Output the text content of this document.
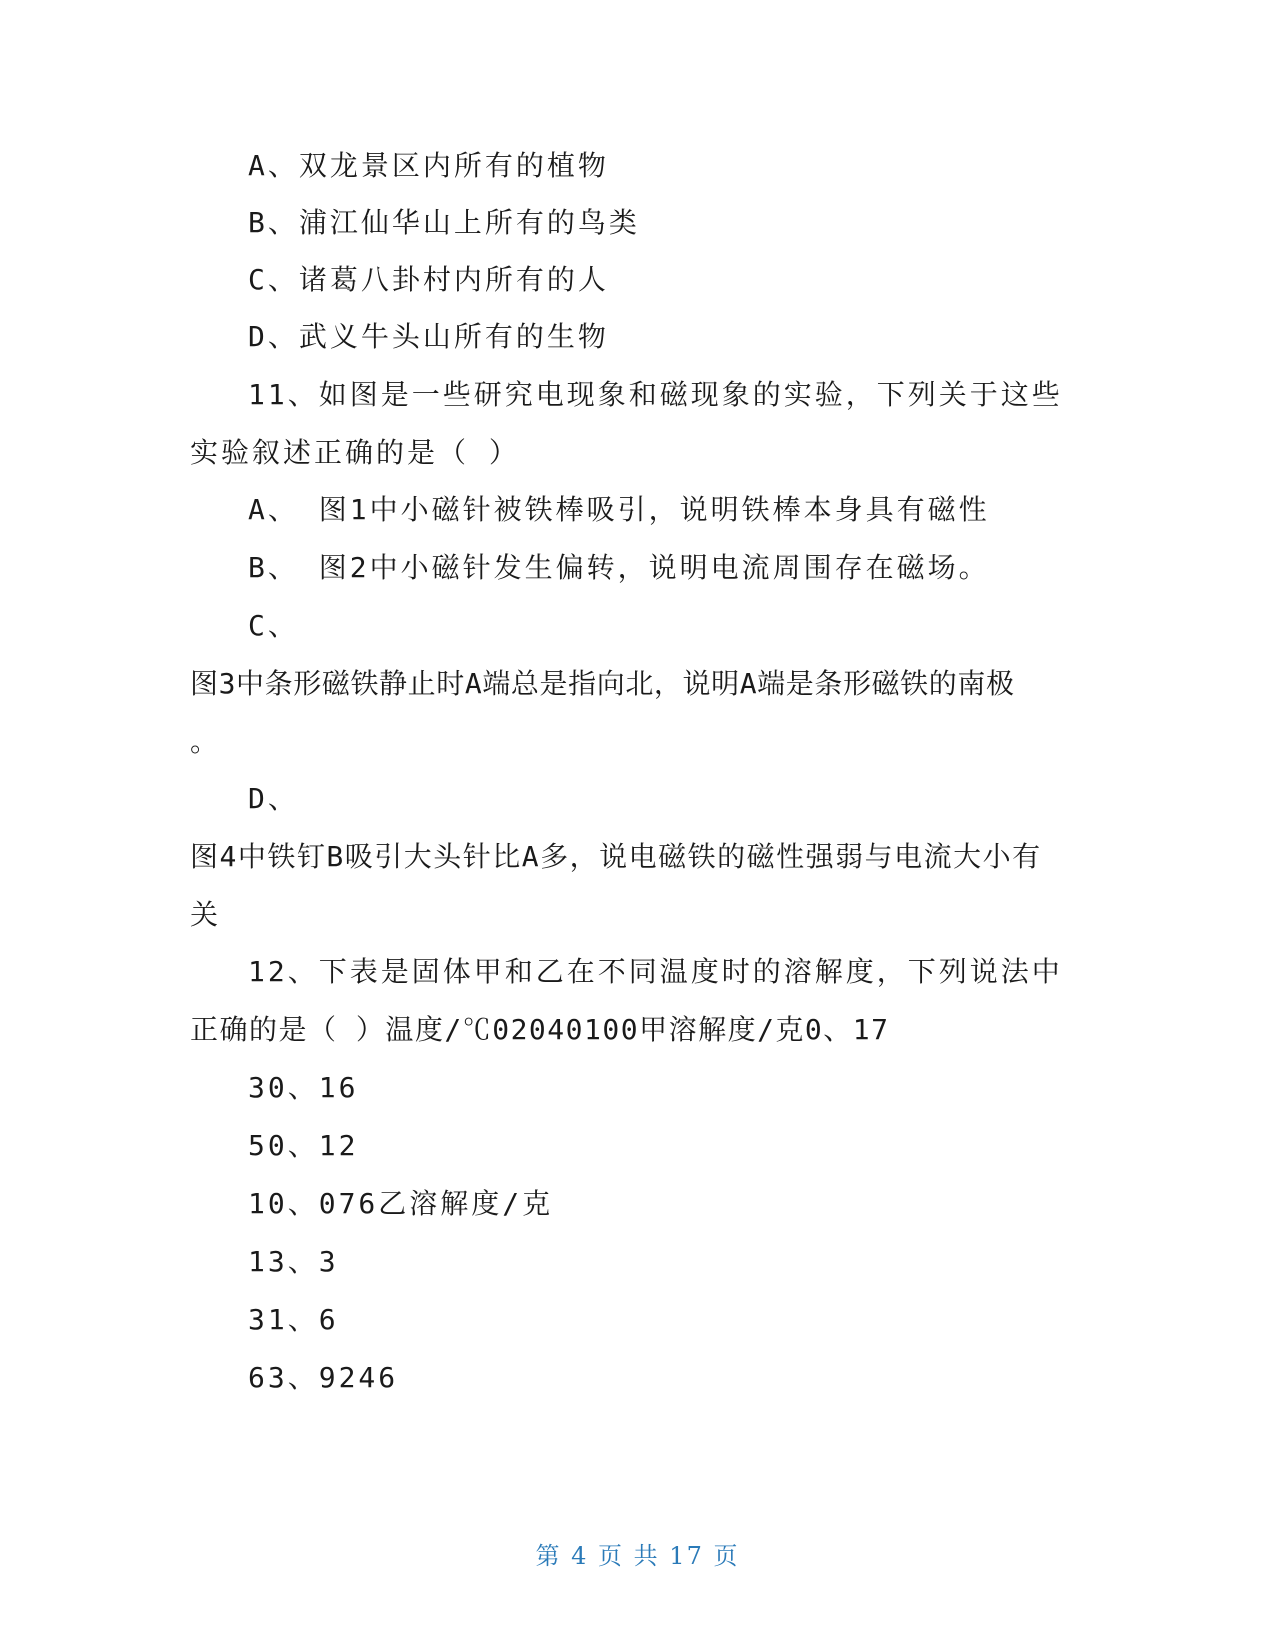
A、双龙景区内所有的植物
B、浦江仙华山上所有的鸟类
C、诸葛八卦村内所有的人
D、武义牛头山所有的生物
11、如图是一些研究电现象和磁现象的实验，下列关于这些
实验叙述正确的是（ ）
A、 图1中小磁针被铁棒吸引，说明铁棒本身具有磁性
B、 图2中小磁针发生偏转，说明电流周围存在磁场。
C、
图3中条形磁铁静止时A端总是指向北，说明A端是条形磁铁的南极
。
D、
图4中铁钉B吸引大头针比A多，说电磁铁的磁性强弱与电流大小有
关
12、下表是固体甲和乙在不同温度时的溶解度，下列说法中
正确的是（ ）温度/℃02040100甲溶解度/克0、17
30、16
50、12
10、076乙溶解度/克
13、3
31、6
63、9246
第 4 页 共 17 页
